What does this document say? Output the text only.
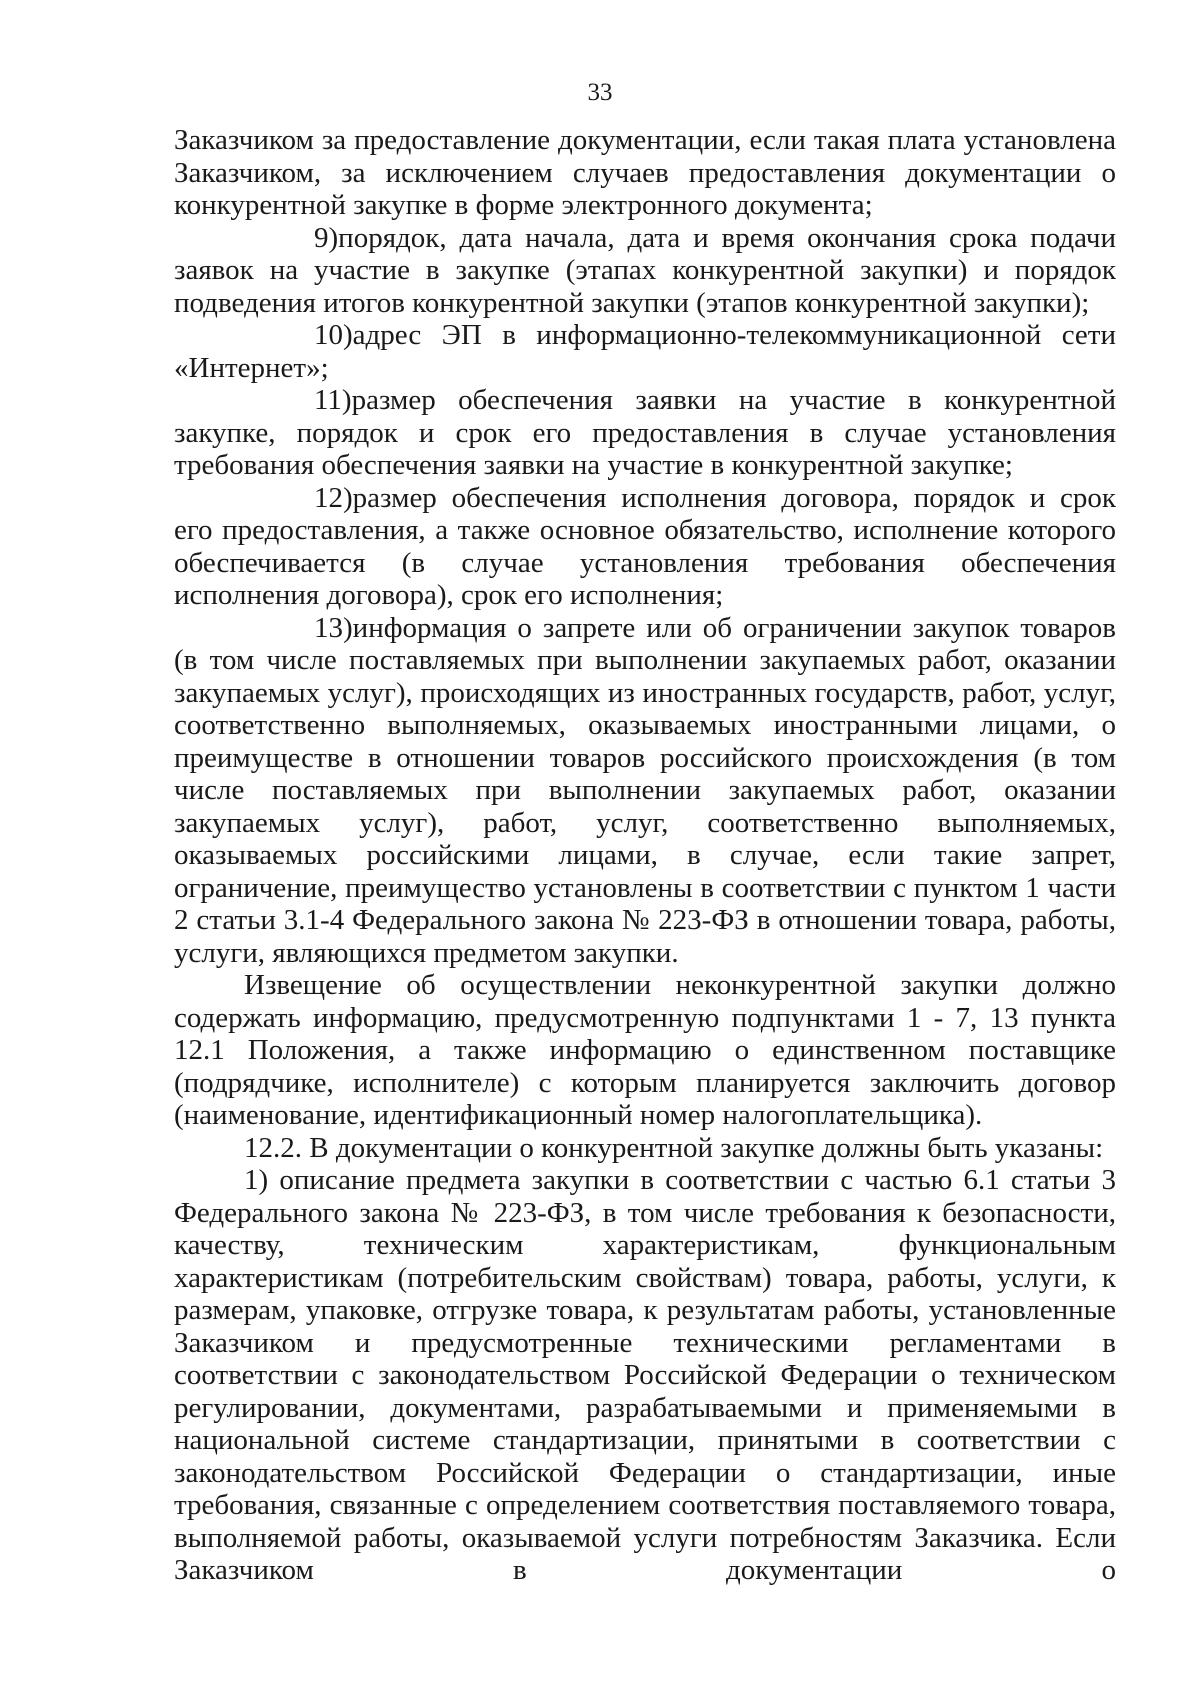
33

Заказчиком за предоставление документации, если такая плата установлена Заказчиком, за исключением случаев предоставления документации о конкурентной закупке в форме электронного документа;

9)порядок, дата начала, дата и время окончания срока подачи заявок на участие в закупке (этапах конкурентной закупки) и порядок подведения итогов конкурентной закупки (этапов конкурентной закупки);

10)адрес ЭП в информационно-телекоммуникационной сети «Интернет»;

11)размер обеспечения заявки на участие в конкурентной закупке, порядок и срок его предоставления в случае установления требования обеспечения заявки на участие в конкурентной закупке;

12)размер обеспечения исполнения договора, порядок и срок его предоставления, а также основное обязательство, исполнение которого обеспечивается (в случае установления требования обеспечения исполнения договора), срок его исполнения;

13)информация о запрете или об ограничении закупок товаров (в том числе поставляемых при выполнении закупаемых работ, оказании закупаемых услуг), происходящих из иностранных государств, работ, услуг, соответственно выполняемых, оказываемых иностранными лицами, о преимуществе в отношении товаров российского происхождения (в том числе поставляемых при выполнении закупаемых работ, оказании закупаемых услуг), работ, услуг, соответственно выполняемых, оказываемых российскими лицами, в случае, если такие запрет, ограничение, преимущество установлены в соответствии с пунктом 1 части 2 статьи 3.1-4 Федерального закона № 223-ФЗ в отношении товара, работы, услуги, являющихся предметом закупки.

Извещение об осуществлении неконкурентной закупки должно содержать информацию, предусмотренную подпунктами 1 - 7, 13 пункта 12.1 Положения, а также информацию о единственном поставщике (подрядчике, исполнителе) с которым планируется заключить договор (наименование, идентификационный номер налогоплательщика).

12.2. В документации о конкурентной закупке должны быть указаны:

1) описание предмета закупки в соответствии с частью 6.1 статьи 3 Федерального закона № 223-ФЗ, в том числе требования к безопасности, качеству, техническим характеристикам, функциональным характеристикам (потребительским свойствам) товара, работы, услуги, к размерам, упаковке, отгрузке товара, к результатам работы, установленные Заказчиком и предусмотренные техническими регламентами в соответствии с законодательством Российской Федерации о техническом регулировании, документами, разрабатываемыми и применяемыми в национальной системе стандартизации, принятыми в соответствии с законодательством Российской Федерации о стандартизации, иные требования, связанные с определением соответствия поставляемого товара, выполняемой работы, оказываемой услуги потребностям Заказчика. Если Заказчиком в документации о
